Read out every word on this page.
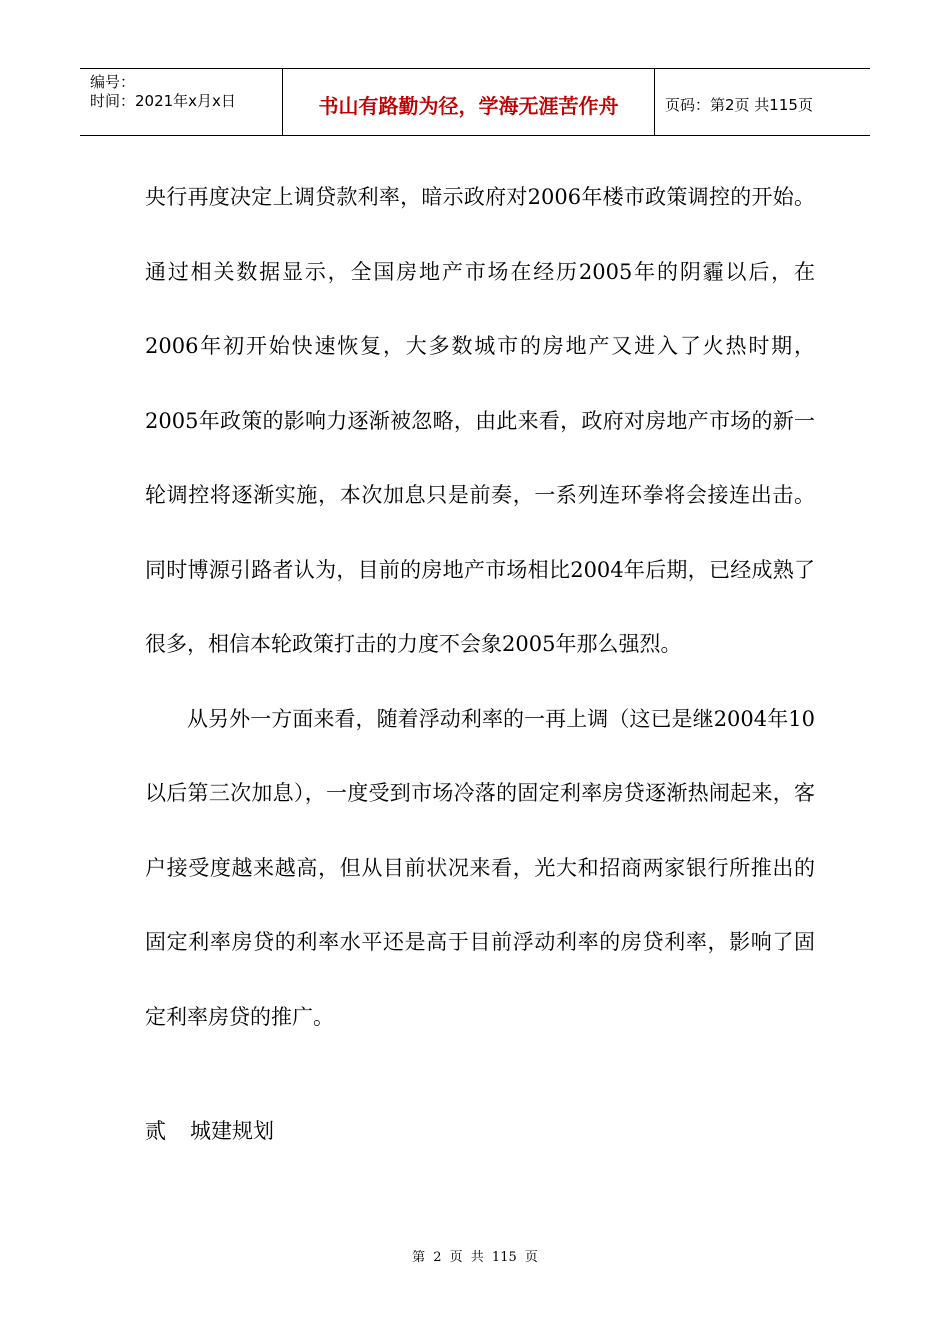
编号：
时间：2021年x月x日	书山有路勤为径，学海无涯苦作舟	页码：第2页 共115页

央行再度决定上调贷款利率，暗示政府对2006年楼市政策调控的开始。通过相关数据显示，全国房地产市场在经历2005年的阴霾以后，在2006年初开始快速恢复，大多数城市的房地产又进入了火热时期，2005年政策的影响力逐渐被忽略，由此来看，政府对房地产市场的新一轮调控将逐渐实施，本次加息只是前奏，一系列连环拳将会接连出击。同时博源引路者认为，目前的房地产市场相比2004年后期，已经成熟了很多，相信本轮政策打击的力度不会象2005年那么强烈。

从另外一方面来看，随着浮动利率的一再上调（这已是继2004年10以后第三次加息），一度受到市场冷落的固定利率房贷逐渐热闹起来，客户接受度越来越高，但从目前状况来看，光大和招商两家银行所推出的固定利率房贷的利率水平还是高于目前浮动利率的房贷利率，影响了固定利率房贷的推广。

贰 城建规划
第 2 页 共 115 页
